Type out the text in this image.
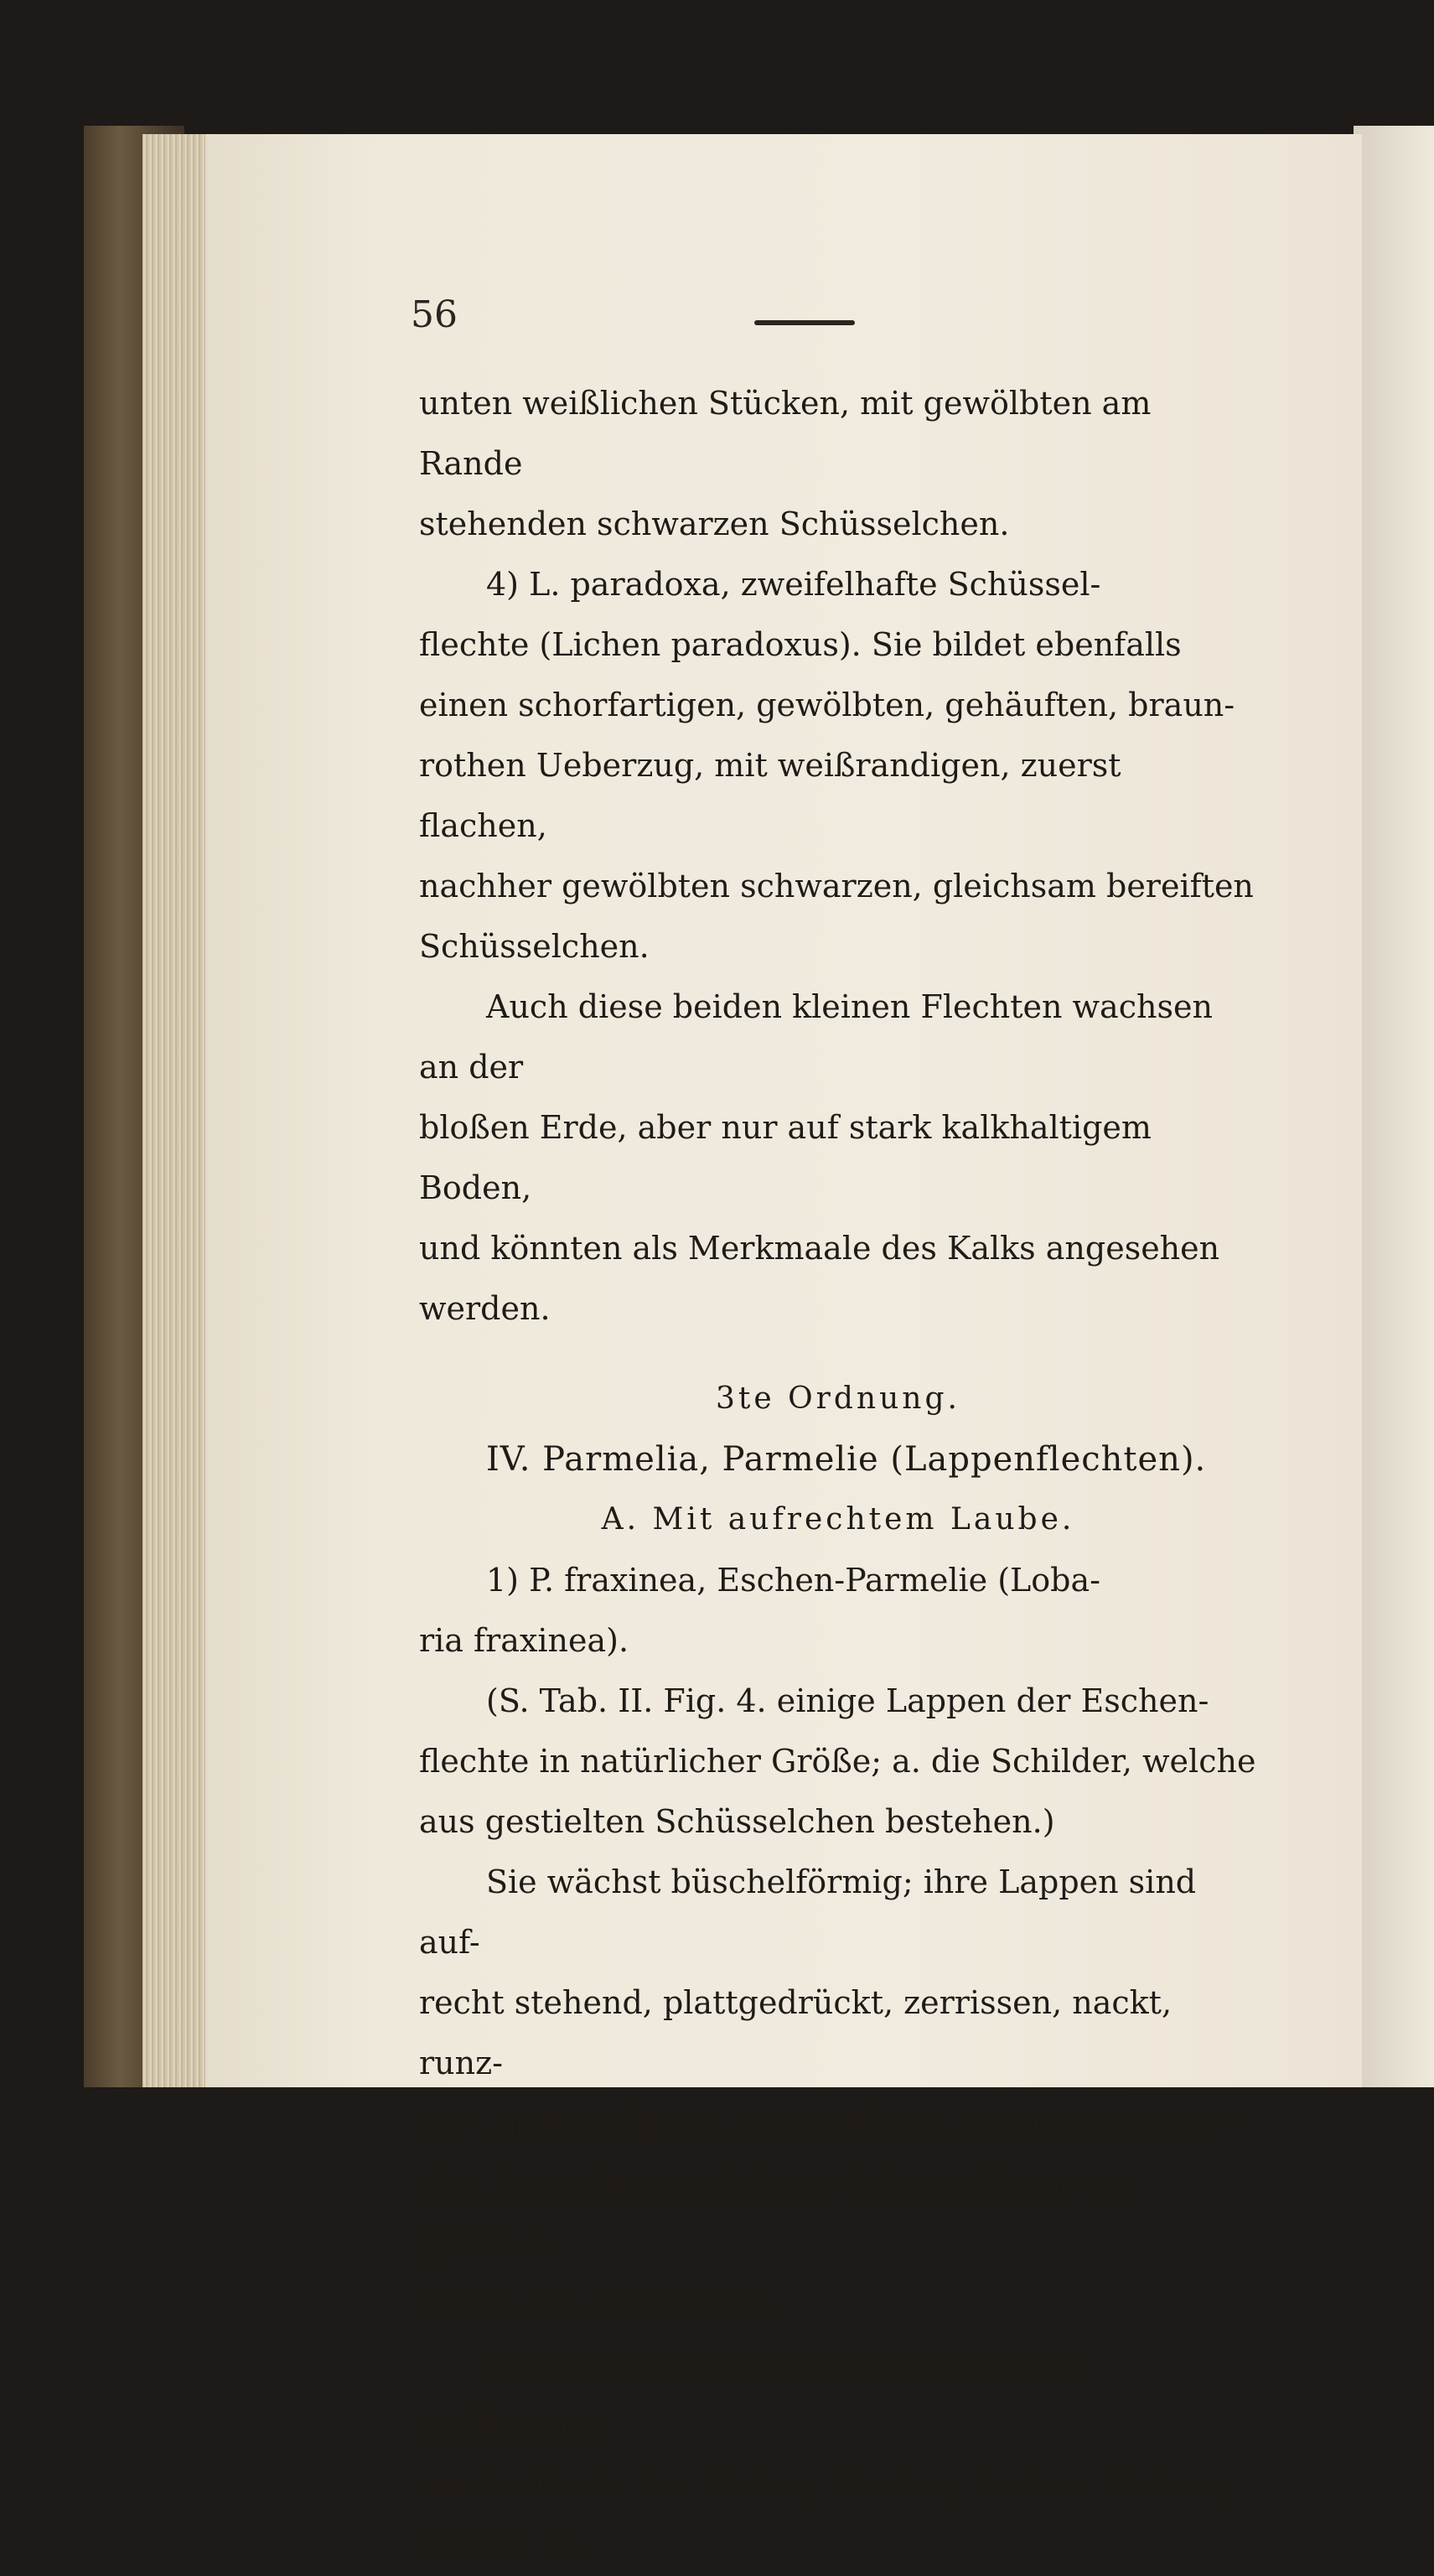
56

unten weißlichen Stücken, mit gewölbten am Rande

stehenden schwarzen Schüsselchen.

4) L. paradoxa, zweifelhafte Schüssel-

flechte (Lichen paradoxus). Sie bildet ebenfalls

einen schorfartigen, gewölbten, gehäuften, braun-

rothen Ueberzug, mit weißrandigen, zuerst flachen,

nachher gewölbten schwarzen, gleichsam bereiften

Schüsselchen.

Auch diese beiden kleinen Flechten wachsen an der

bloßen Erde, aber nur auf stark kalkhaltigem Boden,

und könnten als Merkmaale des Kalks angesehen

werden.

3te Ordnung.

IV. Parmelia, Parmelie (Lappenflechten).

A. Mit aufrechtem Laube.

1) P. fraxinea, Eschen-Parmelie (Loba-

ria fraxinea).

(S. Tab. II. Fig. 4. einige Lappen der Eschen-

flechte in natürlicher Größe; a. die Schilder, welche

aus gestielten Schüsselchen bestehen.)

Sie wächst büschelförmig; ihre Lappen sind auf-

recht stehend, plattgedrückt, zerrissen, nackt, runz-

lich, grau-grünlich, mit häufigen, zerstreut stehen-

den, bisweilen gestielten, Schüsselchen, von gleicher

Farbe mit der Flechte.

Eine der gemeinsten Flechten in den Waldungen

an der Rinde der Birken, Buchen, Eichen, Eschen,

Linden rc.
